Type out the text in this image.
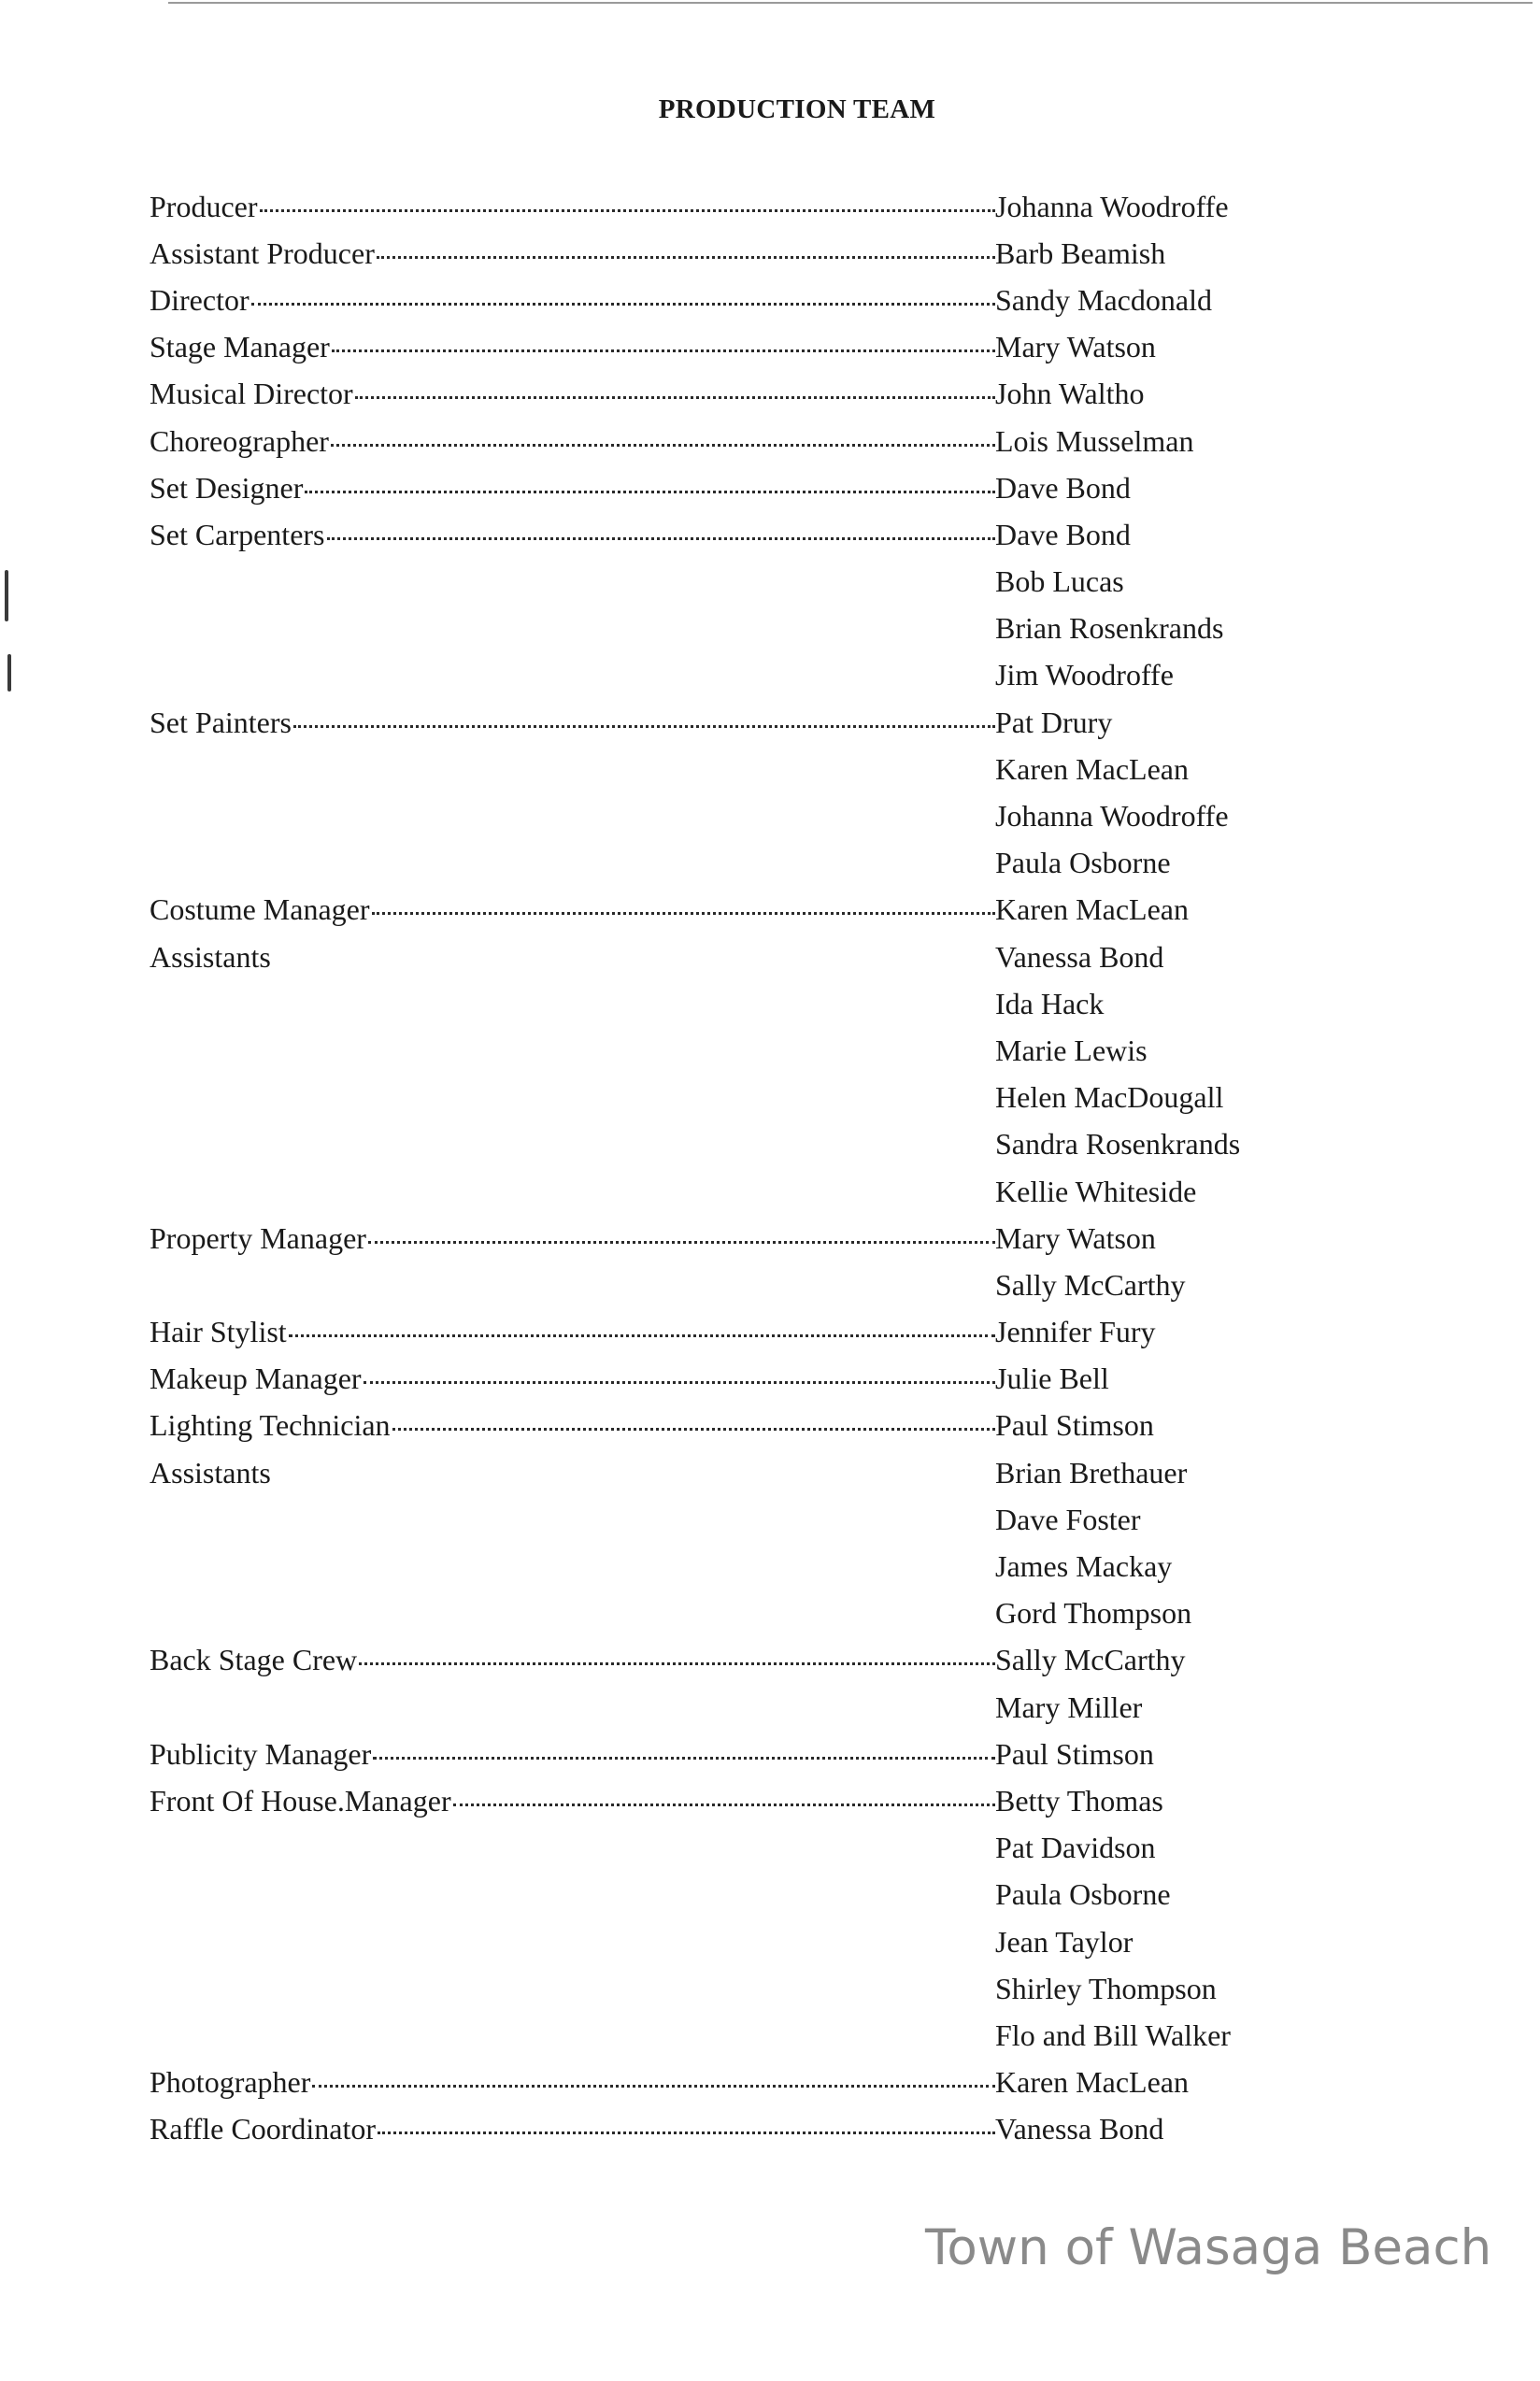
PRODUCTION TEAM
Producer	Johanna Woodroffe
Assistant Producer	Barb Beamish
Director	Sandy Macdonald
Stage Manager	Mary Watson
Musical Director	John Waltho
Choreographer	Lois Musselman
Set Designer	Dave Bond
Set Carpenters	Dave Bond
Bob Lucas
Brian Rosenkrands
Jim Woodroffe
Set Painters	Pat Drury
Karen MacLean
Johanna Woodroffe
Paula Osborne
Costume Manager	Karen MacLean
Assistants	Vanessa Bond
Ida Hack
Marie Lewis
Helen MacDougall
Sandra Rosenkrands
Kellie Whiteside
Property Manager	Mary Watson
Sally McCarthy
Hair Stylist	Jennifer Fury
Makeup Manager	Julie Bell
Lighting Technician	Paul Stimson
Assistants	Brian Brethauer
Dave Foster
James Mackay
Gord Thompson
Back Stage Crew	Sally McCarthy
Mary Miller
Publicity Manager	Paul Stimson
Front Of House.Manager	Betty Thomas
Pat Davidson
Paula Osborne
Jean Taylor
Shirley Thompson
Flo and Bill Walker
Photographer	Karen MacLean
Raffle Coordinator	Vanessa Bond
Town of Wasaga Beach
